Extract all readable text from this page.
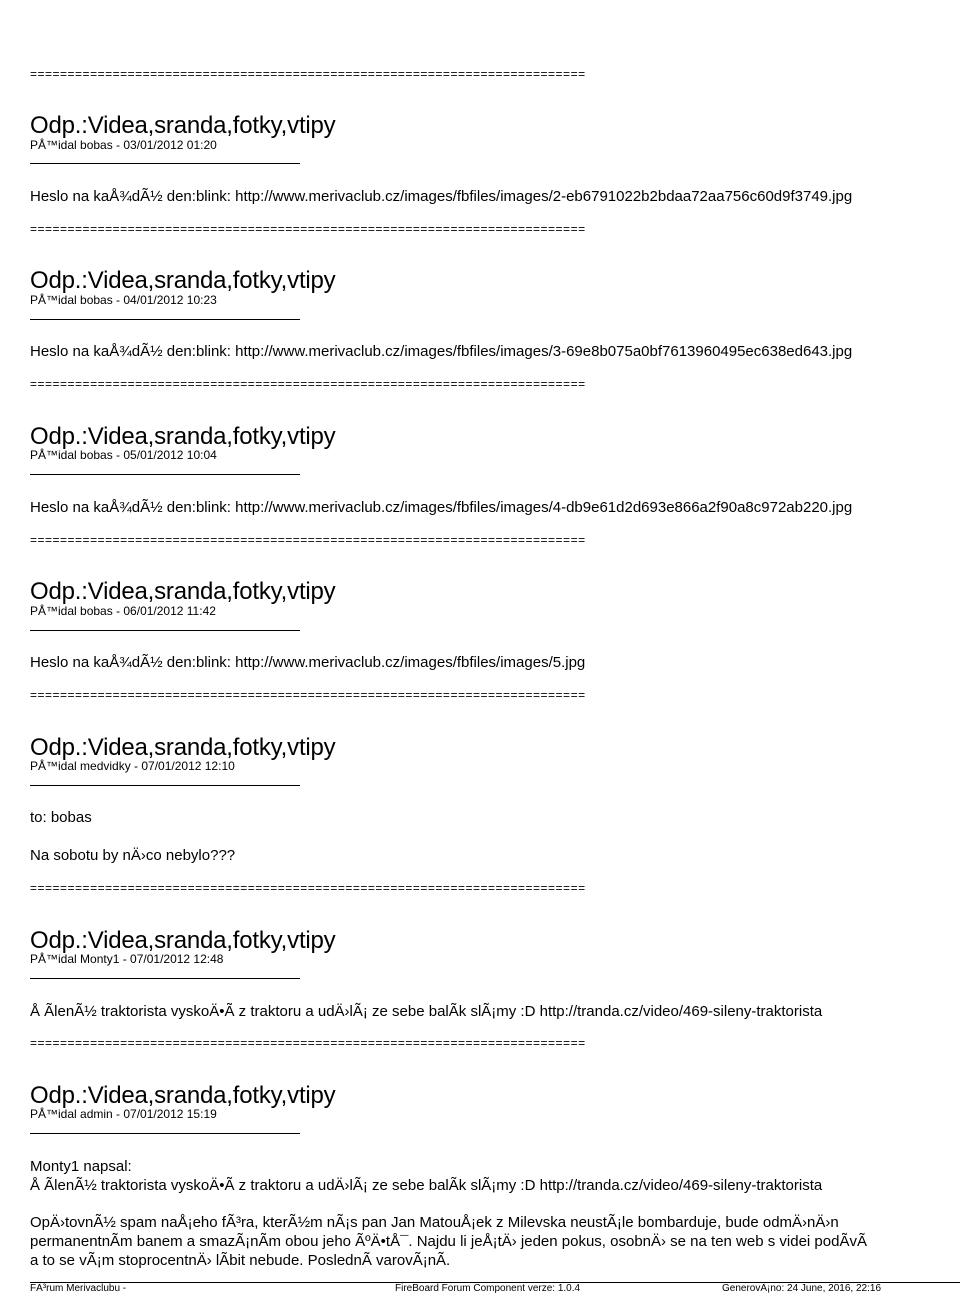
==========================================================================
Odp.:Videa,sranda,fotky,vtipy
PÅ™idal bobas - 03/01/2012 01:20
Heslo na kaÅ¾dÃ½ den:blink: http://www.merivaclub.cz/images/fbfiles/images/2-eb6791022b2bdaa72aa756c60d9f3749.jpg
==========================================================================
Odp.:Videa,sranda,fotky,vtipy
PÅ™idal bobas - 04/01/2012 10:23
Heslo na kaÅ¾dÃ½ den:blink: http://www.merivaclub.cz/images/fbfiles/images/3-69e8b075a0bf7613960495ec638ed643.jpg
==========================================================================
Odp.:Videa,sranda,fotky,vtipy
PÅ™idal bobas - 05/01/2012 10:04
Heslo na kaÅ¾dÃ½ den:blink: http://www.merivaclub.cz/images/fbfiles/images/4-db9e61d2d693e866a2f90a8c972ab220.jpg
==========================================================================
Odp.:Videa,sranda,fotky,vtipy
PÅ™idal bobas - 06/01/2012 11:42
Heslo na kaÅ¾dÃ½ den:blink: http://www.merivaclub.cz/images/fbfiles/images/5.jpg
==========================================================================
Odp.:Videa,sranda,fotky,vtipy
PÅ™idal medvidky - 07/01/2012 12:10
to: bobas
Na sobotu by nÄ›co nebylo???
==========================================================================
Odp.:Videa,sranda,fotky,vtipy
PÅ™idal Monty1 - 07/01/2012 12:48
Å ÃlenÃ½ traktorista vyskoÄ•Ã z traktoru a udÄ›lÃ¡ ze sebe balÃk slÃ¡my :D http://tranda.cz/video/469-sileny-traktorista
==========================================================================
Odp.:Videa,sranda,fotky,vtipy
PÅ™idal admin - 07/01/2012 15:19
Monty1 napsal:
Å ÃlenÃ½ traktorista vyskoÄ•Ã z traktoru a udÄ›lÃ¡ ze sebe balÃk slÃ¡my :D http://tranda.cz/video/469-sileny-traktorista
OpÄ›tovnÃ½ spam naÅ¡eho fÃ³ra, kterÃ½m nÃ¡s pan Jan MatouÅ¡ek z Milevska neustÃ¡le bombarduje, bude odmÄ›nÄ›n
permanentnÃm banem a smazÃ¡nÃm obou jeho ÃºÄ•tÅ¯. Najdu li jeÅ¡tÄ› jeden pokus, osobnÄ› se na ten web s videi podÃvÃ
a to se vÃ¡m stoprocentnÄ› lÃbit nebude. PoslednÃ varovÃ¡nÃ.
FÃ³rum Merivaclubu -	FireBoard Forum Component verze: 1.0.4	GenerovÃ¡no: 24 June, 2016, 22:16
